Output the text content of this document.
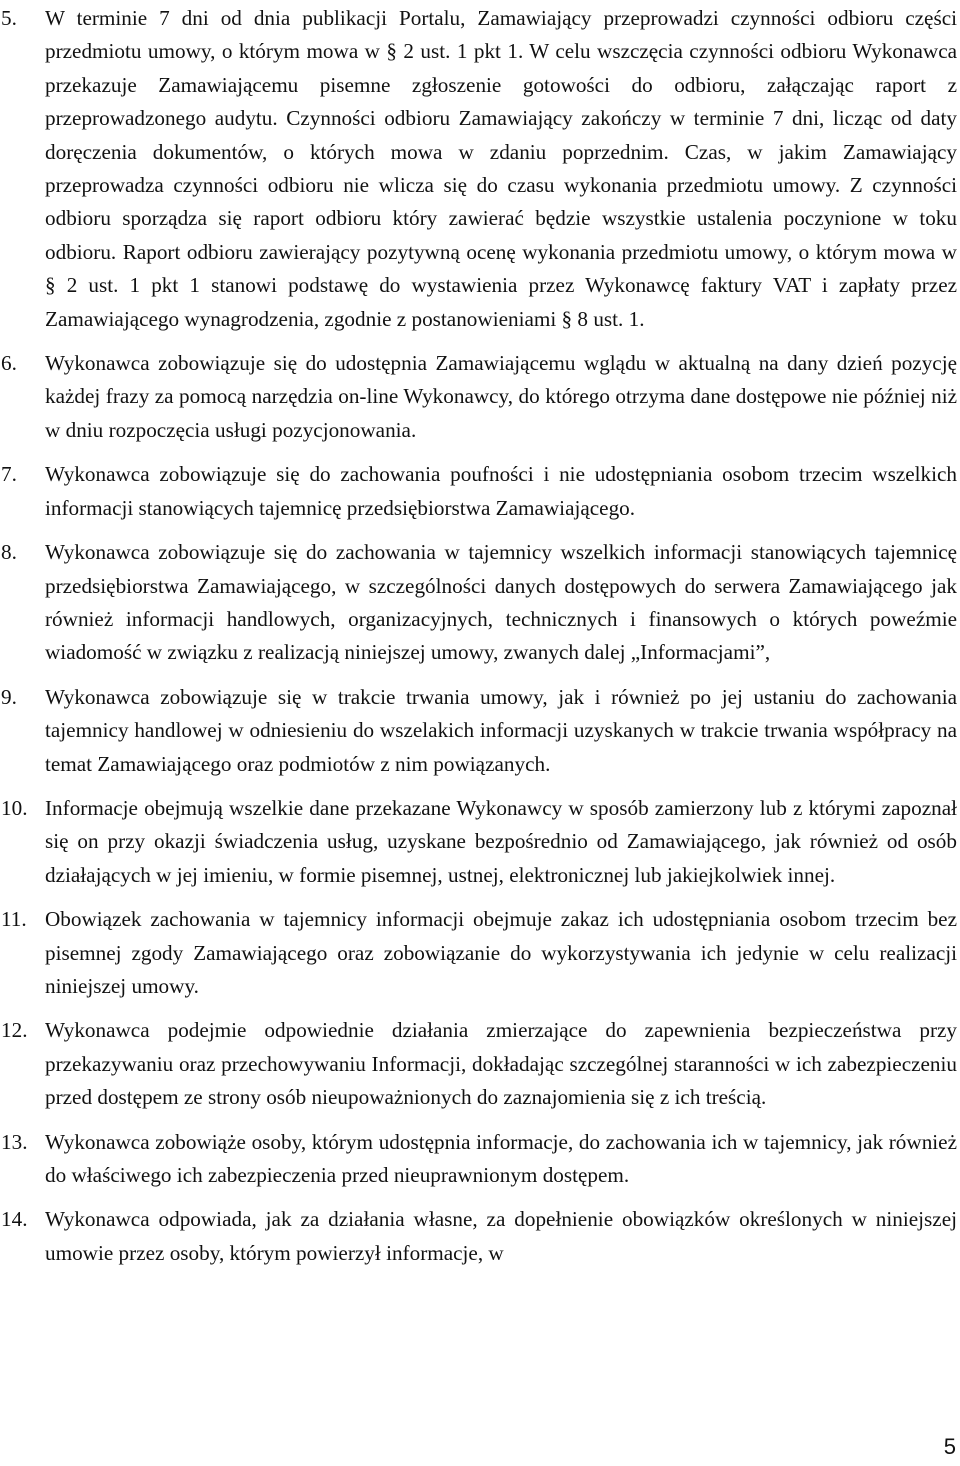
5.	W terminie 7 dni od dnia publikacji Portalu, Zamawiający przeprowadzi czynności odbioru części przedmiotu umowy, o którym mowa w § 2 ust. 1 pkt 1. W celu wszczęcia czynności odbioru Wykonawca przekazuje Zamawiającemu pisemne zgłoszenie gotowości do odbioru, załączając raport z przeprowadzonego audytu. Czynności odbioru Zamawiający zakończy w terminie 7 dni, licząc od daty doręczenia dokumentów, o których mowa w zdaniu poprzednim. Czas, w jakim Zamawiający przeprowadza czynności odbioru nie wlicza się do czasu wykonania przedmiotu umowy. Z czynności odbioru sporządza się raport odbioru który zawierać będzie wszystkie ustalenia poczynione w toku odbioru. Raport odbioru zawierający pozytywną ocenę wykonania przedmiotu umowy, o którym mowa w § 2 ust. 1 pkt 1 stanowi podstawę do wystawienia przez Wykonawcę faktury VAT i zapłaty przez Zamawiającego wynagrodzenia, zgodnie z postanowieniami § 8 ust. 1.
6.	Wykonawca zobowiązuje się do udostępnia Zamawiającemu wglądu w aktualną na dany dzień pozycję każdej frazy za pomocą narzędzia on-line Wykonawcy, do którego otrzyma dane dostępowe nie później niż w dniu rozpoczęcia usługi pozycjonowania.
7.	Wykonawca zobowiązuje się do zachowania poufności i nie udostępniania osobom trzecim wszelkich informacji stanowiących tajemnicę przedsiębiorstwa Zamawiającego.
8.	Wykonawca zobowiązuje się do zachowania w tajemnicy wszelkich informacji stanowiących tajemnicę przedsiębiorstwa Zamawiającego, w szczególności danych dostępowych do serwera Zamawiającego jak również informacji handlowych, organizacyjnych, technicznych i finansowych o których poweźmie wiadomość w związku z realizacją niniejszej umowy, zwanych dalej „Informacjami”,
9.	Wykonawca zobowiązuje się w trakcie trwania umowy, jak i również po jej ustaniu do zachowania tajemnicy handlowej w odniesieniu do wszelakich informacji uzyskanych w trakcie trwania współpracy na temat Zamawiającego oraz podmiotów z nim powiązanych.
10. Informacje obejmują wszelkie dane przekazane Wykonawcy w sposób zamierzony lub z którymi zapoznał się on przy okazji świadczenia usług, uzyskane bezpośrednio od Zamawiającego, jak również od osób działających w jej imieniu, w formie pisemnej, ustnej, elektronicznej lub jakiejkolwiek innej.
11. Obowiązek zachowania w tajemnicy informacji obejmuje zakaz ich udostępniania osobom trzecim bez pisemnej zgody Zamawiającego oraz zobowiązanie do wykorzystywania ich jedynie w celu realizacji niniejszej umowy.
12. Wykonawca podejmie odpowiednie działania zmierzające do zapewnienia bezpieczeństwa przy przekazywaniu oraz przechowywaniu Informacji, dokładając szczególnej staranności w ich zabezpieczeniu przed dostępem ze strony osób nieupoważnionych do zaznajomienia się z ich treścią.
13. Wykonawca zobowiąże osoby, którym udostępnia informacje, do zachowania ich w tajemnicy, jak również do właściwego ich zabezpieczenia przed nieuprawnionym dostępem.
14. Wykonawca odpowiada, jak za działania własne, za dopełnienie obowiązków określonych w niniejszej umowie przez osoby, którym powierzył informacje, w
5
